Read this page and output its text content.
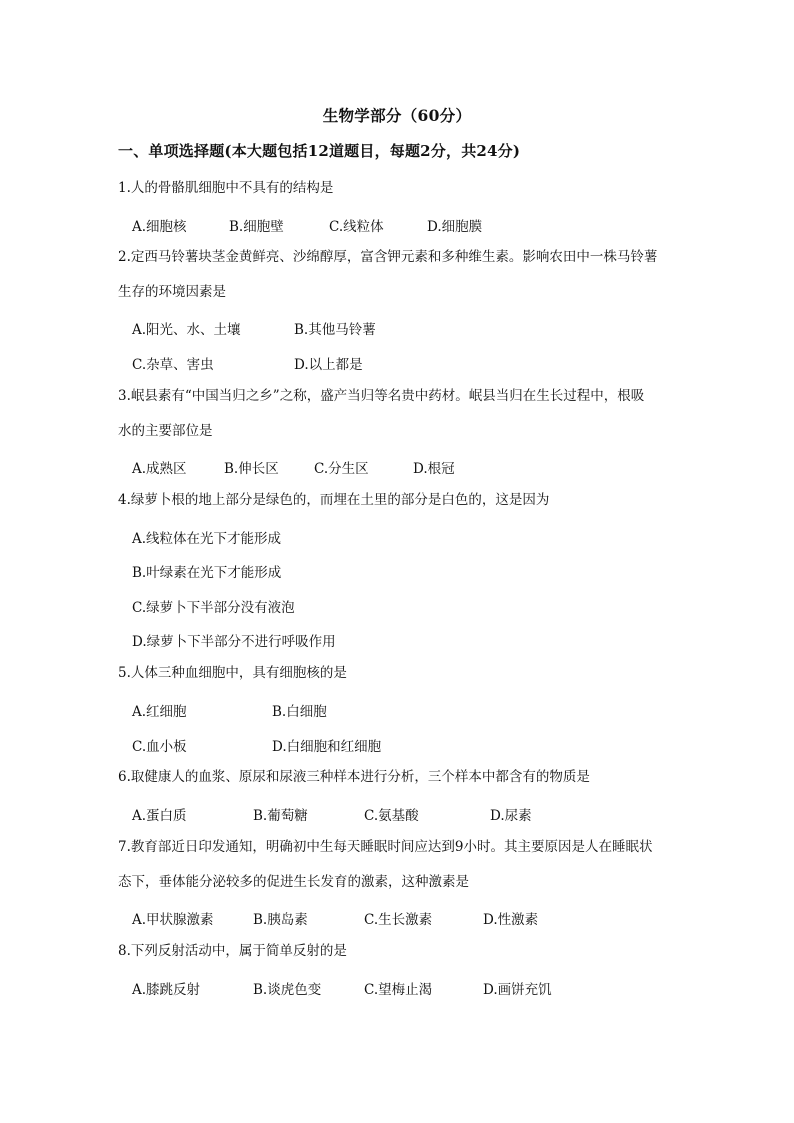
生物学部分（60分）
一、单项选择题(本大题包括12道题目，每题2分，共24分)
1.人的骨骼肌细胞中不具有的结构是
A.细胞核	B.细胞壁	C.线粒体	D.细胞膜
2.定西马铃薯块茎金黄鲜亮、沙绵醇厚，富含钾元素和多种维生素。影响农田中一株马铃薯
生存的环境因素是
A.阳光、水、土壤	B.其他马铃薯
C.杂草、害虫	D.以上都是
3.岷县素有“中国当归之乡”之称，盛产当归等名贵中药材。岷县当归在生长过程中，根吸
水的主要部位是
A.成熟区	B.伸长区	C.分生区	D.根冠
4.绿萝卜根的地上部分是绿色的，而埋在土里的部分是白色的，这是因为
A.线粒体在光下才能形成
B.叶绿素在光下才能形成
C.绿萝卜下半部分没有液泡
D.绿萝卜下半部分不进行呼吸作用
5.人体三种血细胞中，具有细胞核的是
A.红细胞	B.白细胞
C.血小板	D.白细胞和红细胞
6.取健康人的血浆、原尿和尿液三种样本进行分析，三个样本中都含有的物质是
A.蛋白质	B.葡萄糖	C.氨基酸	D.尿素
7.教育部近日印发通知，明确初中生每天睡眠时间应达到9小时。其主要原因是人在睡眠状
态下，垂体能分泌较多的促进生长发育的激素，这种激素是
A.甲状腺激素	B.胰岛素	C.生长激素	D.性激素
8.下列反射活动中，属于简单反射的是
A.膝跳反射	B.谈虎色变	C.望梅止渴	D.画饼充饥
